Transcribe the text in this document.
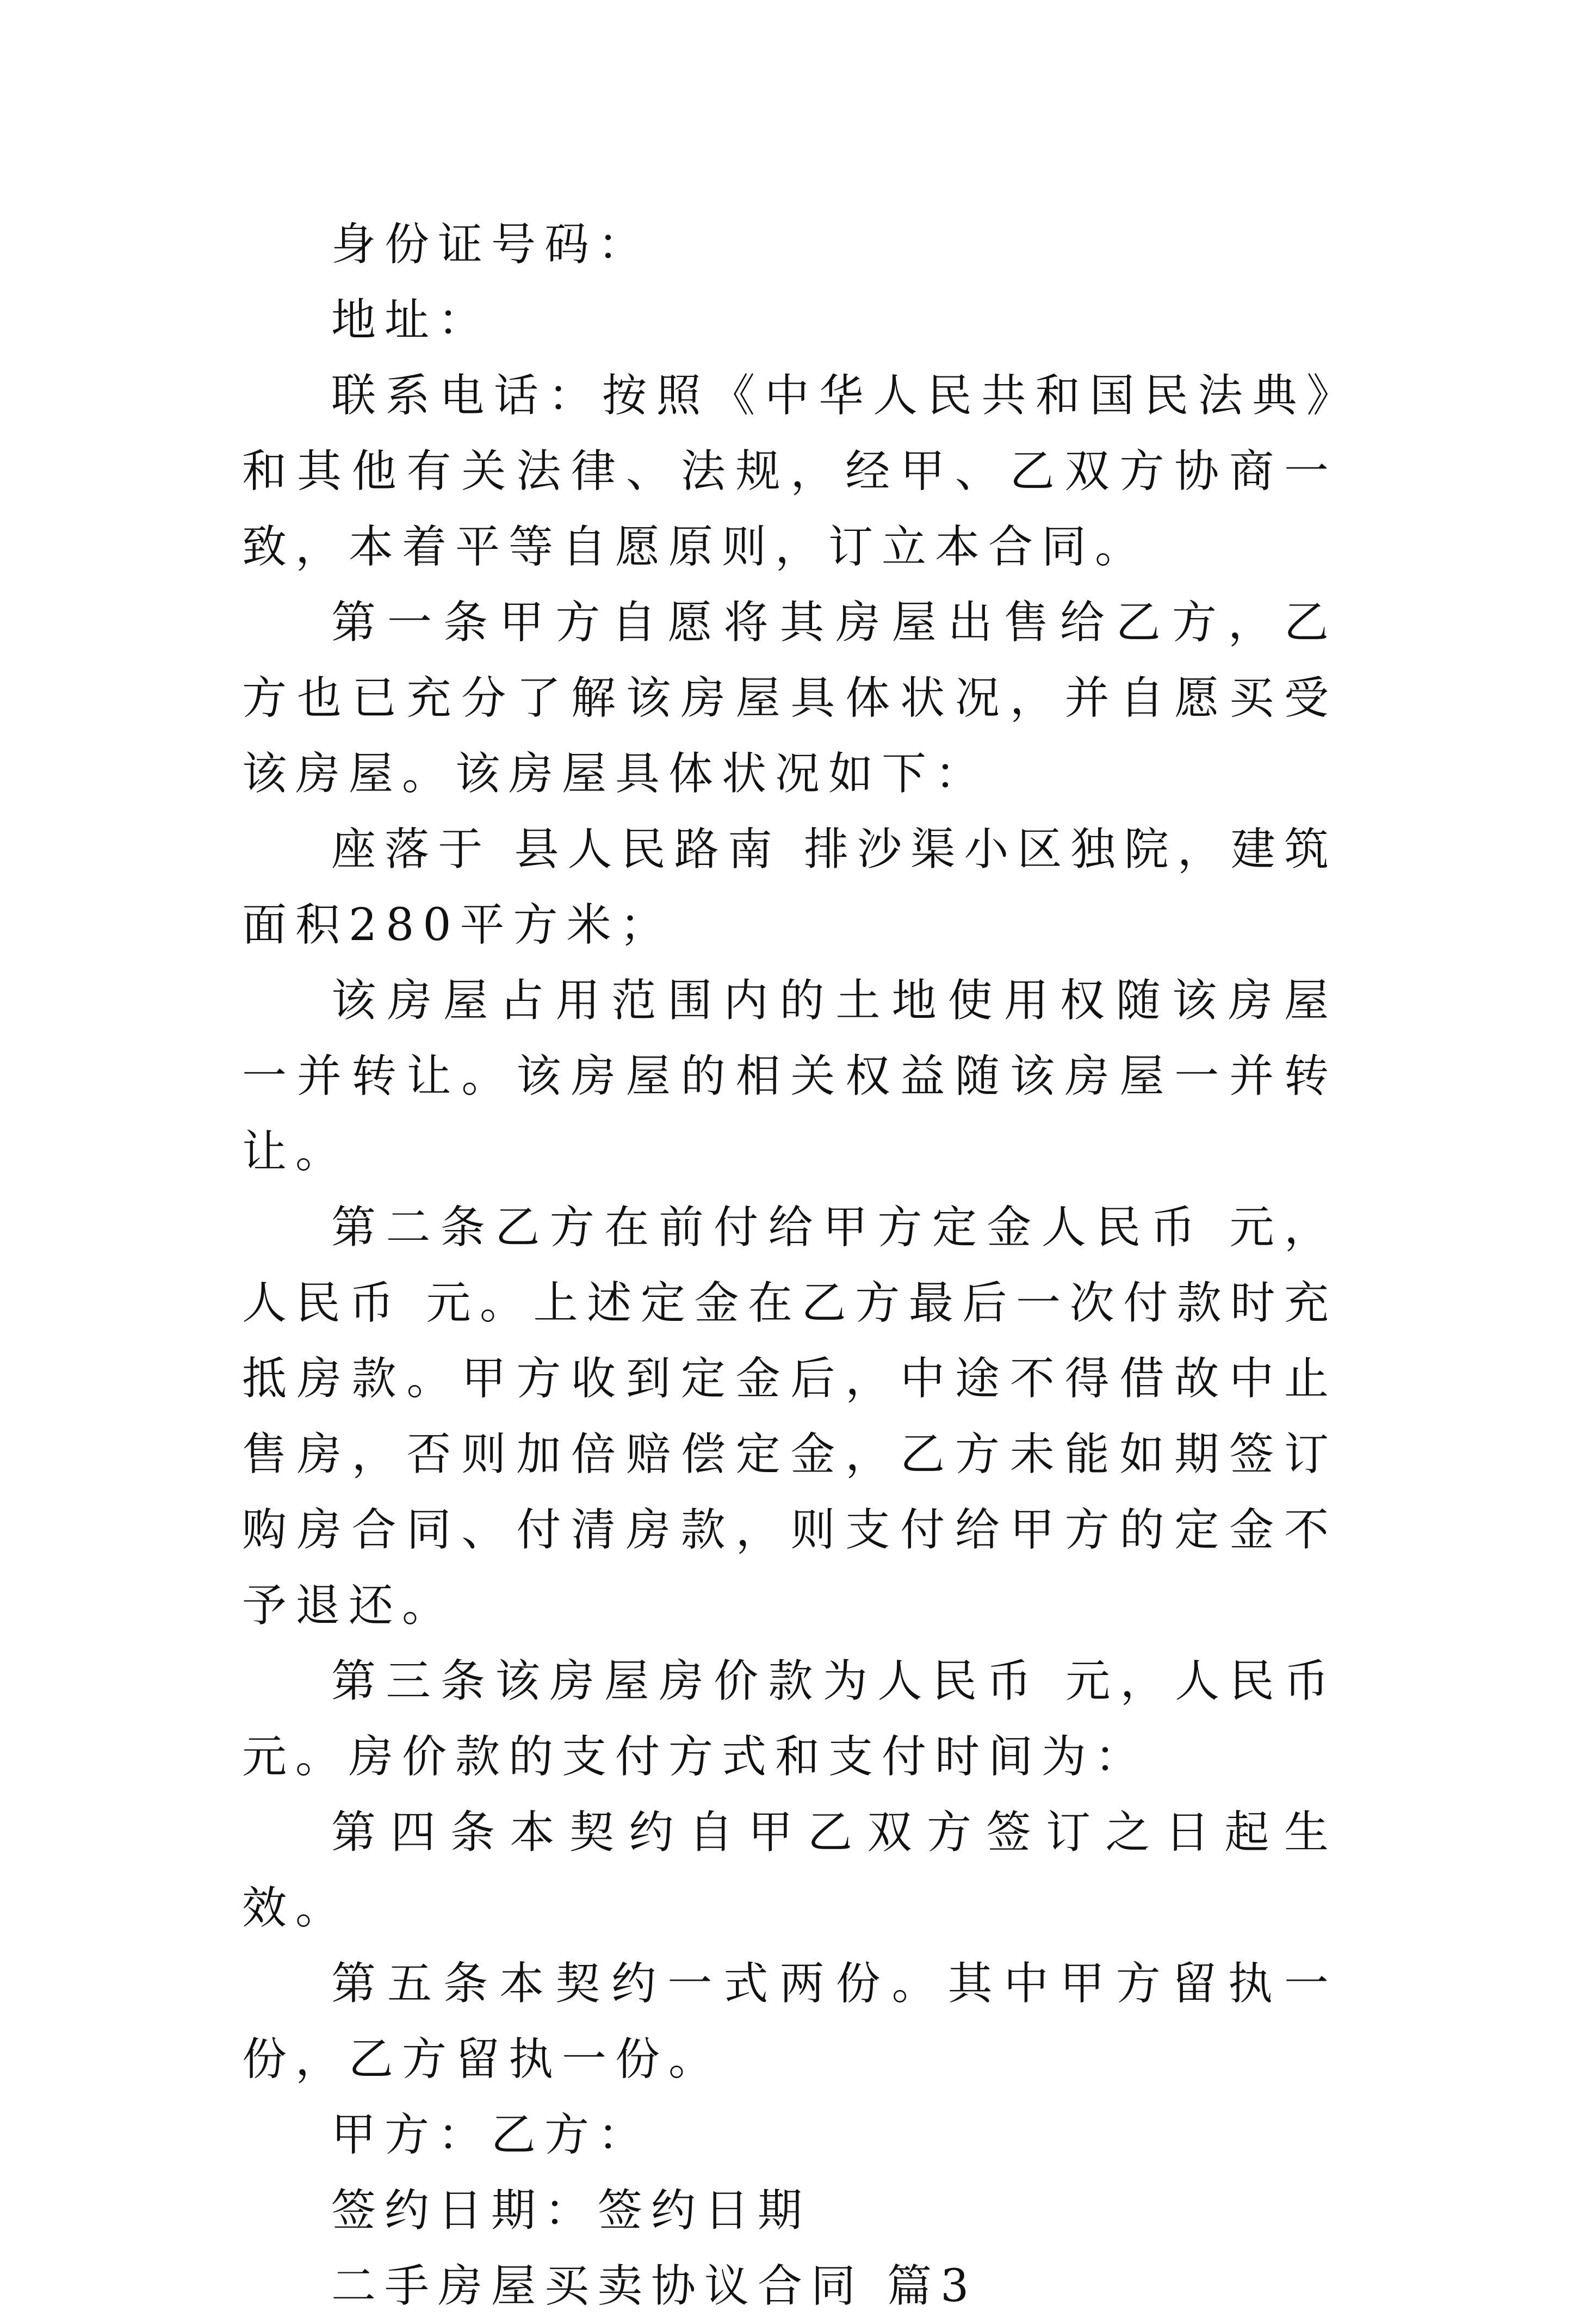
身份证号码：

地址：

联系电话：按照《中华人民共和国民法典》和其他有关法律、法规，经甲、乙双方协商一致，本着平等自愿原则，订立本合同。

第一条甲方自愿将其房屋出售给乙方，乙方也已充分了解该房屋具体状况，并自愿买受该房屋。该房屋具体状况如下：

座落于 县人民路南 排沙渠小区独院，建筑面积280平方米；

该房屋占用范围内的土地使用权随该房屋一并转让。该房屋的相关权益随该房屋一并转让。

第二条乙方在前付给甲方定金人民币 元，人民币 元。上述定金在乙方最后一次付款时充抵房款。甲方收到定金后，中途不得借故中止售房，否则加倍赔偿定金，乙方未能如期签订购房合同、付清房款，则支付给甲方的定金不予退还。

第三条该房屋房价款为人民币 元，人民币 元。房价款的支付方式和支付时间为：

第四条本契约自甲乙双方签订之日起生效。

第五条本契约一式两份。其中甲方留执一份，乙方留执一份。

甲方：乙方：

签约日期：签约日期

二手房屋买卖协议合同 篇3
